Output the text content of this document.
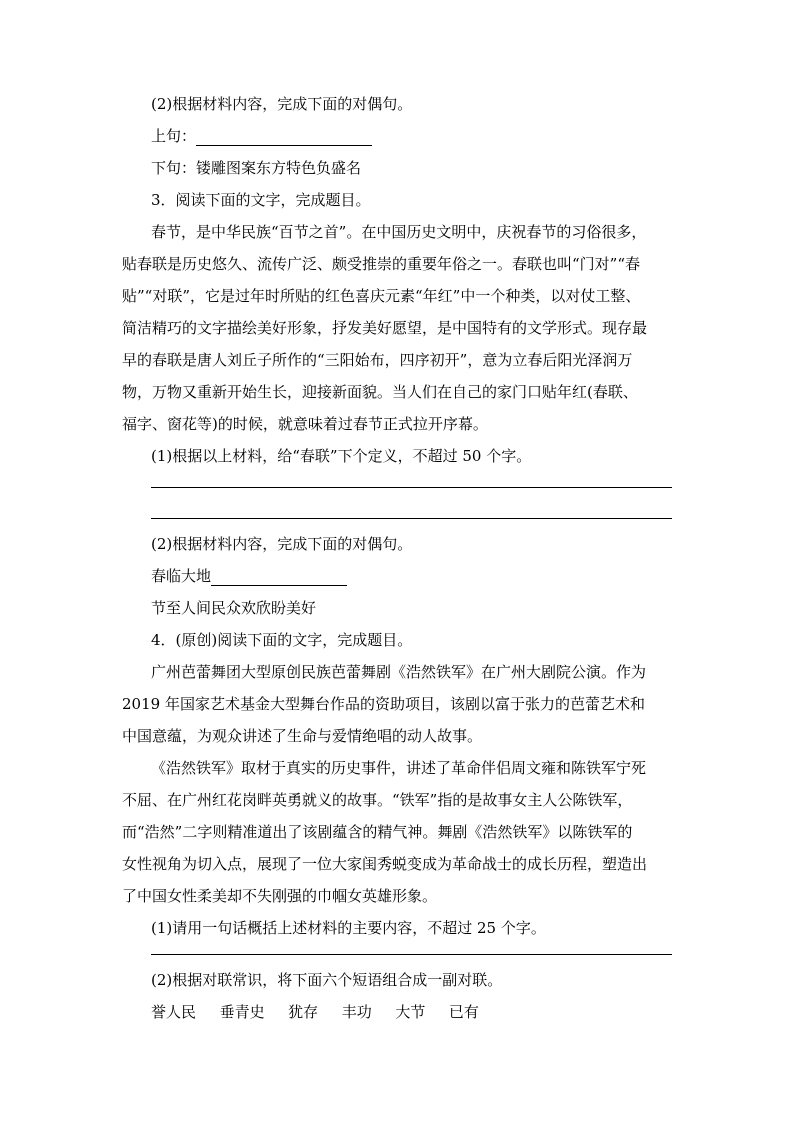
(2)根据材料内容，完成下面的对偶句。
上句：
下句：镂雕图案东方特色负盛名
3．阅读下面的文字，完成题目。
春节，是中华民族“百节之首”。在中国历史文明中，庆祝春节的习俗很多，
贴春联是历史悠久、流传广泛、颇受推崇的重要年俗之一。春联也叫“门对”“春
贴”“对联”，它是过年时所贴的红色喜庆元素“年红”中一个种类，以对仗工整、
简洁精巧的文字描绘美好形象，抒发美好愿望，是中国特有的文学形式。现存最
早的春联是唐人刘丘子所作的“三阳始布，四序初开”，意为立春后阳光泽润万
物，万物又重新开始生长，迎接新面貌。当人们在自己的家门口贴年红(春联、
福字、窗花等)的时候，就意味着过春节正式拉开序幕。
(1)根据以上材料，给“春联”下个定义，不超过 50 个字。
(2)根据材料内容，完成下面的对偶句。
春临大地
节至人间民众欢欣盼美好
4．(原创)阅读下面的文字，完成题目。
广州芭蕾舞团大型原创民族芭蕾舞剧《浩然铁军》在广州大剧院公演。作为
2019 年国家艺术基金大型舞台作品的资助项目，该剧以富于张力的芭蕾艺术和
中国意蕴，为观众讲述了生命与爱情绝唱的动人故事。
《浩然铁军》取材于真实的历史事件，讲述了革命伴侣周文雍和陈铁军宁死
不屈、在广州红花岗畔英勇就义的故事。“铁军”指的是故事女主人公陈铁军，
而“浩然”二字则精准道出了该剧蕴含的精气神。舞剧《浩然铁军》以陈铁军的
女性视角为切入点，展现了一位大家闺秀蜕变成为革命战士的成长历程，塑造出
了中国女性柔美却不失刚强的巾帼女英雄形象。
(1)请用一句话概括上述材料的主要内容，不超过 25 个字。
(2)根据对联常识，将下面六个短语组合成一副对联。
誉人民 垂青史 犹存 丰功 大节 已有
